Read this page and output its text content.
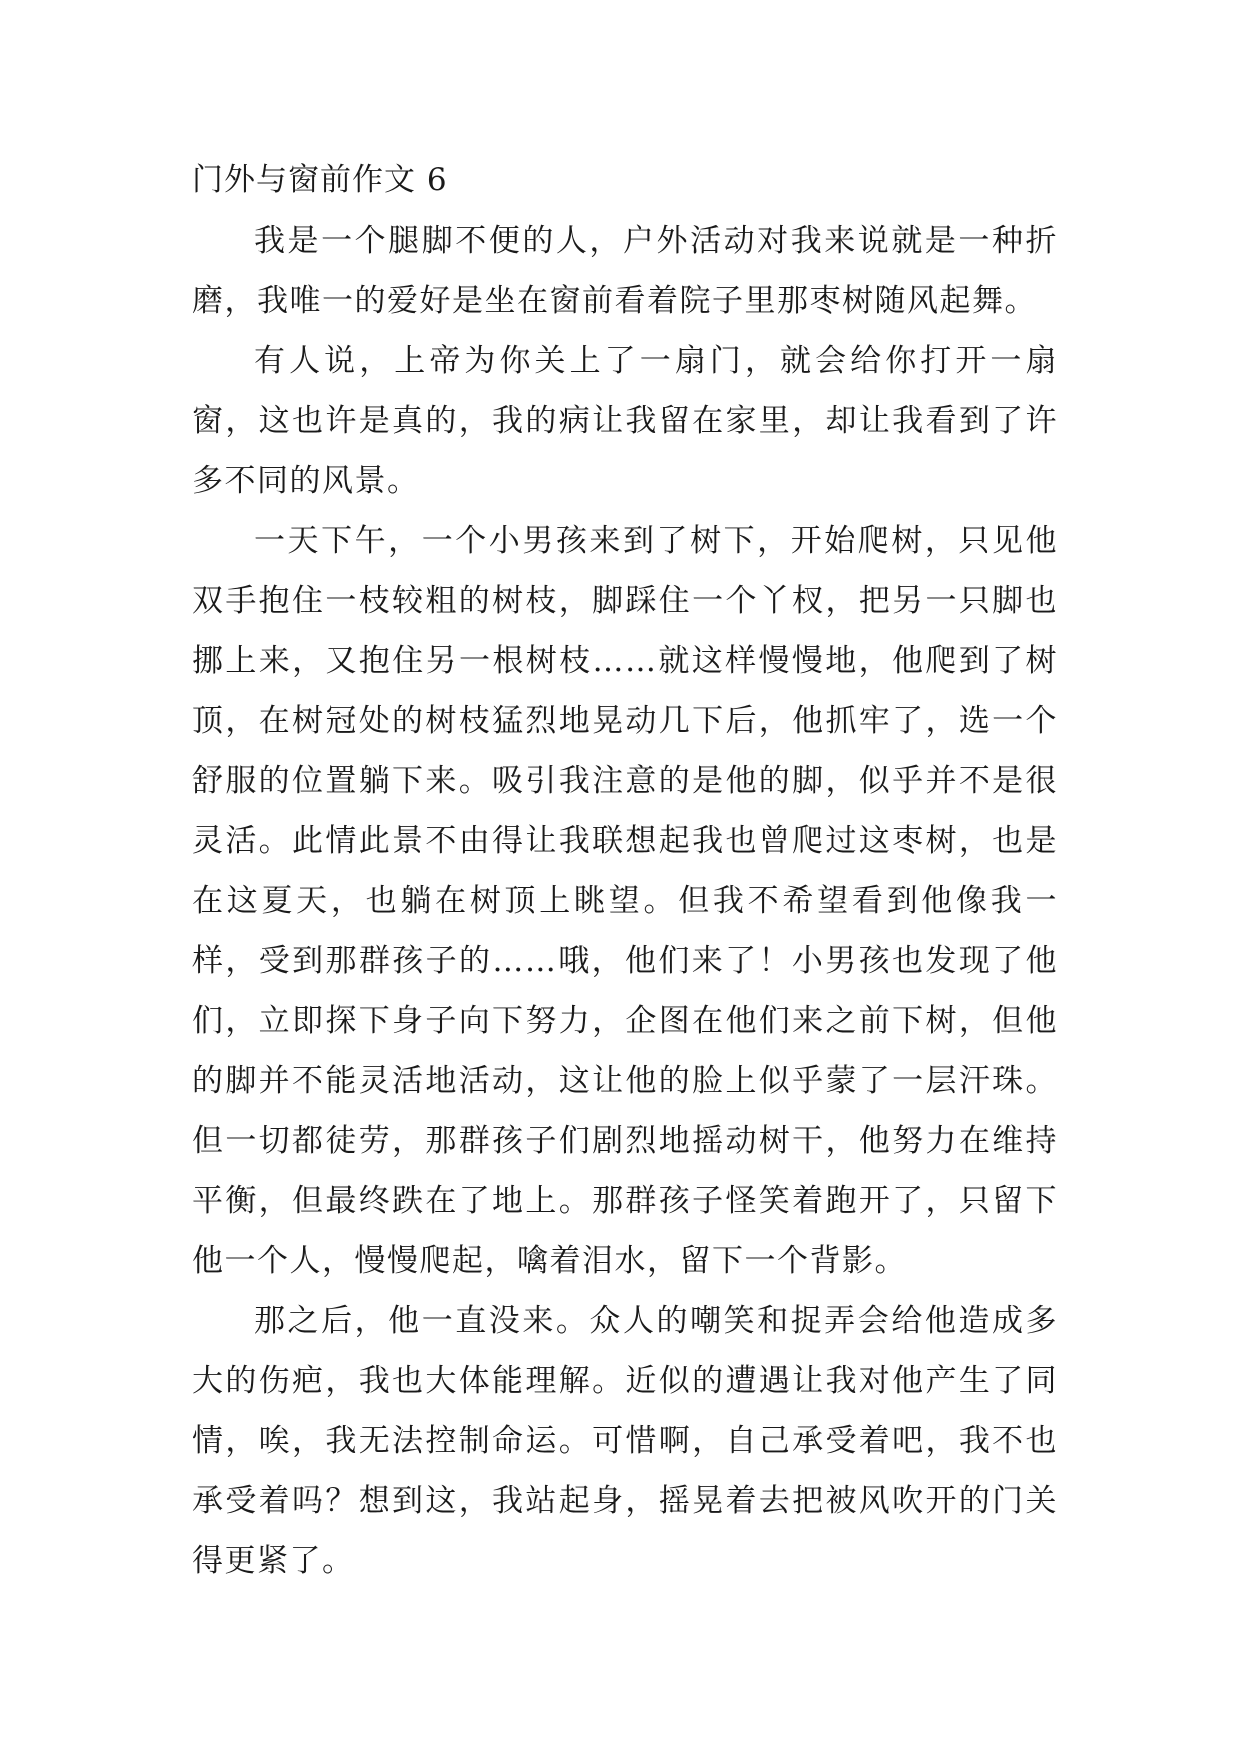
门外与窗前作文 6

我是一个腿脚不便的人，户外活动对我来说就是一种折磨，我唯一的爱好是坐在窗前看着院子里那枣树随风起舞。

有人说，上帝为你关上了一扇门，就会给你打开一扇窗，这也许是真的，我的病让我留在家里，却让我看到了许多不同的风景。

一天下午，一个小男孩来到了树下，开始爬树，只见他双手抱住一枝较粗的树枝，脚踩住一个丫杈，把另一只脚也挪上来，又抱住另一根树枝……就这样慢慢地，他爬到了树顶，在树冠处的树枝猛烈地晃动几下后，他抓牢了，选一个舒服的位置躺下来。吸引我注意的是他的脚，似乎并不是很灵活。此情此景不由得让我联想起我也曾爬过这枣树，也是在这夏天，也躺在树顶上眺望。但我不希望看到他像我一样，受到那群孩子的……哦，他们来了！小男孩也发现了他们，立即探下身子向下努力，企图在他们来之前下树，但他的脚并不能灵活地活动，这让他的脸上似乎蒙了一层汗珠。但一切都徒劳，那群孩子们剧烈地摇动树干，他努力在维持平衡，但最终跌在了地上。那群孩子怪笑着跑开了，只留下他一个人，慢慢爬起，噙着泪水，留下一个背影。

那之后，他一直没来。众人的嘲笑和捉弄会给他造成多大的伤疤，我也大体能理解。近似的遭遇让我对他产生了同情，唉，我无法控制命运。可惜啊，自己承受着吧，我不也承受着吗？想到这，我站起身，摇晃着去把被风吹开的门关得更紧了。
